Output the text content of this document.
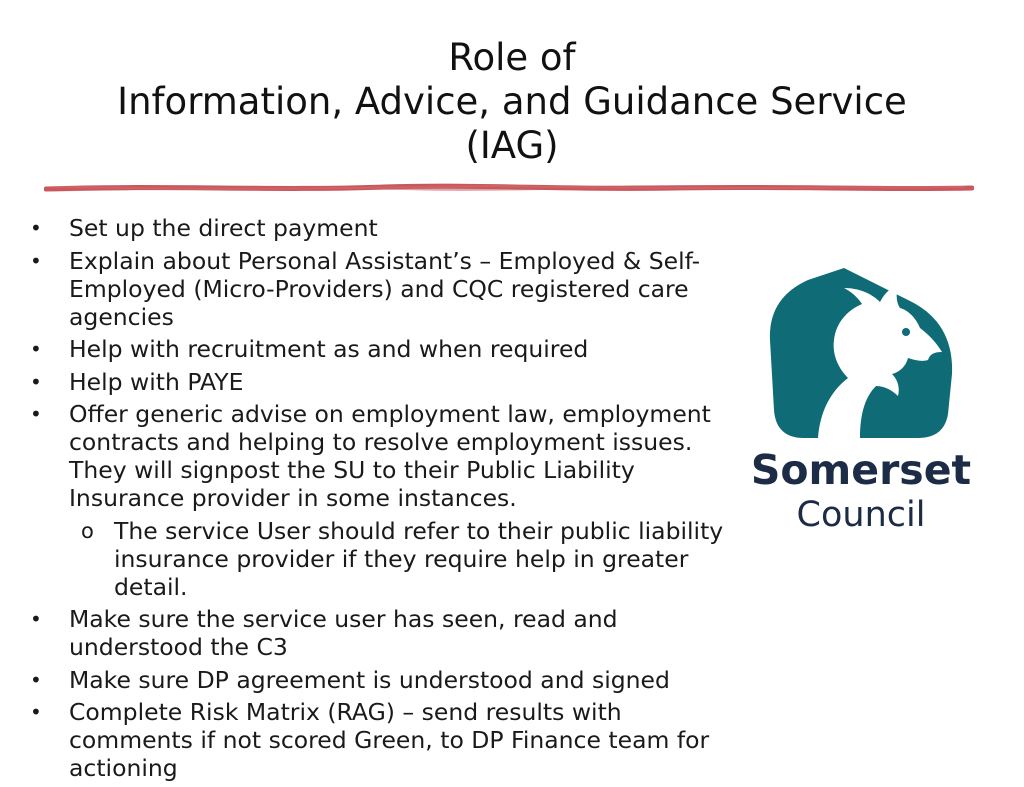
Role of
Information, Advice, and Guidance Service
(IAG)
•	Set up the direct payment
•	Explain about Personal Assistant’s – Employed & Self-Employed (Micro-Providers) and CQC registered care agencies
•	Help with recruitment as and when required
•	Help with PAYE
•	Offer generic advise on employment law, employment contracts and helping to resolve employment issues. They will signpost the SU to their Public Liability Insurance provider in some instances.
o The service User should refer to their public liability insurance provider if they require help in greater detail.
•	Make sure the service user has seen, read and understood the C3
•	Make sure DP agreement is understood and signed
•	Complete Risk Matrix (RAG) – send results with comments if not scored Green, to DP Finance team for actioning
Somerset
Council
